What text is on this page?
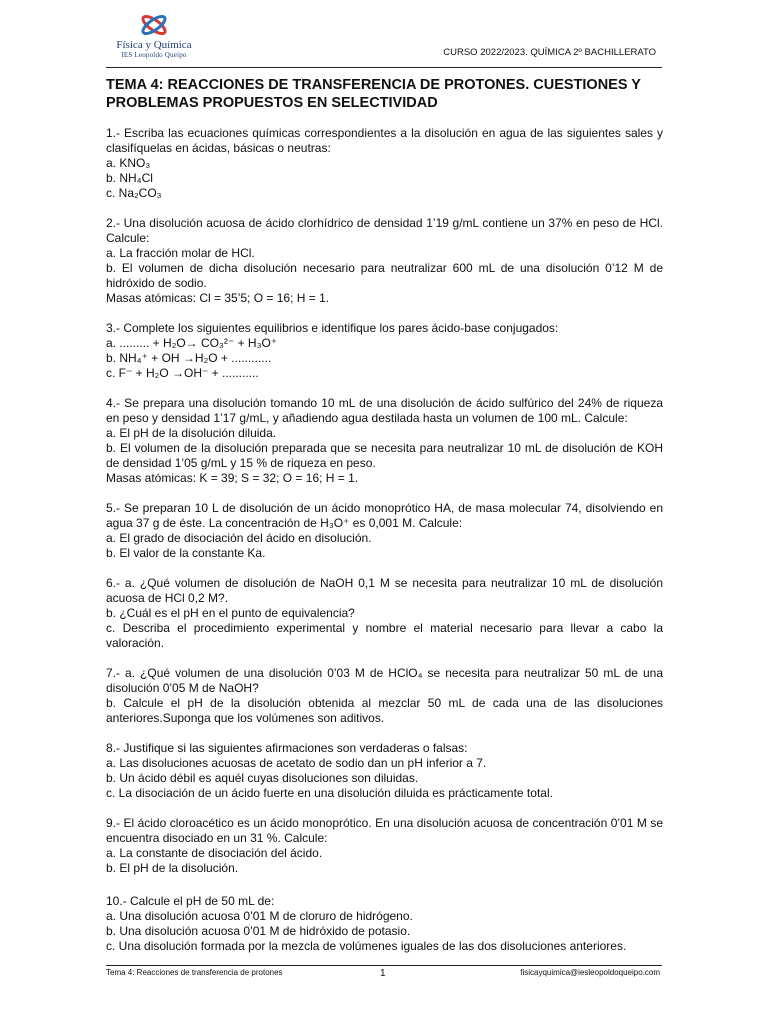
Física y Química
IES Leopoldo Queipo	CURSO 2022/2023. QUÍMICA 2º BACHILLERATO
TEMA 4: REACCIONES DE TRANSFERENCIA DE PROTONES. CUESTIONES Y PROBLEMAS PROPUESTOS EN SELECTIVIDAD

1.- Escriba las ecuaciones químicas correspondientes a la disolución en agua de las siguientes sales y clasifíquelas en ácidas, básicas o neutras:

a. KNO₃

b. NH₄Cl

c. Na₂CO₃

2.- Una disolución acuosa de ácido clorhídrico de densidad 1’19 g/mL contiene un 37% en peso de HCl. Calcule:

a. La fracción molar de HCl.

b. El volumen de dicha disolución necesario para neutralizar 600 mL de una disolución 0’12 M de hidróxido de sodio.

Masas atómicas: Cl = 35’5; O = 16; H = 1.

3.- Complete los siguientes equilibrios e identifique los pares ácido-base conjugados:

a. ......... + H₂O→ CO₃²⁻ + H₃O⁺

b. NH₄⁺ + OH →H₂O + ............

c. F⁻ + H₂O →OH⁻ + ...........

4.- Se prepara una disolución tomando 10 mL de una disolución de ácido sulfúrico del 24% de riqueza en peso y densidad 1’17 g/mL, y añadiendo agua destilada hasta un volumen de 100 mL. Calcule:

a. El pH de la disolución diluida.

b. El volumen de la disolución preparada que se necesita para neutralizar 10 mL de disolución de KOH de densidad 1’05 g/mL y 15 % de riqueza en peso.

Masas atómicas: K = 39; S = 32; O = 16; H = 1.

5.- Se preparan 10 L de disolución de un ácido monoprótico HA, de masa molecular 74, disolviendo en agua 37 g de éste. La concentración de H₃O⁺ es 0,001 M. Calcule:

a. El grado de disociación del ácido en disolución.

b. El valor de la constante Ka.

6.- a. ¿Qué volumen de disolución de NaOH 0,1 M se necesita para neutralizar 10 mL de disolución acuosa de HCl 0,2 M?.

b. ¿Cuál es el pH en el punto de equivalencia?

c. Describa el procedimiento experimental y nombre el material necesario para llevar a cabo la valoración.

7.- a. ¿Qué volumen de una disolución 0’03 M de HClO₄ se necesita para neutralizar 50 mL de una disolución 0’05 M de NaOH?

b. Calcule el pH de la disolución obtenida al mezclar 50 mL de cada una de las disoluciones anteriores.Suponga que los volúmenes son aditivos.

8.- Justifique si las siguientes afirmaciones son verdaderas o falsas:

a. Las disoluciones acuosas de acetato de sodio dan un pH inferior a 7.

b. Un ácido débil es aquél cuyas disoluciones son diluidas.

c. La disociación de un ácido fuerte en una disolución diluida es prácticamente total.

9.- El ácido cloroacético es un ácido monoprótico. En una disolución acuosa de concentración 0’01 M se encuentra disociado en un 31 %. Calcule:

a. La constante de disociación del ácido.

b. El pH de la disolución.

10.- Calcule el pH de 50 mL de:

a. Una disolución acuosa 0’01 M de cloruro de hidrógeno.

b. Una disolución acuosa 0’01 M de hidróxido de potasio.

c. Una disolución formada por la mezcla de volúmenes iguales de las dos disoluciones anteriores.

Tema 4: Reacciones de transferencia de protones	1	fisicayquimica@iesleopoldoqueipo.com
